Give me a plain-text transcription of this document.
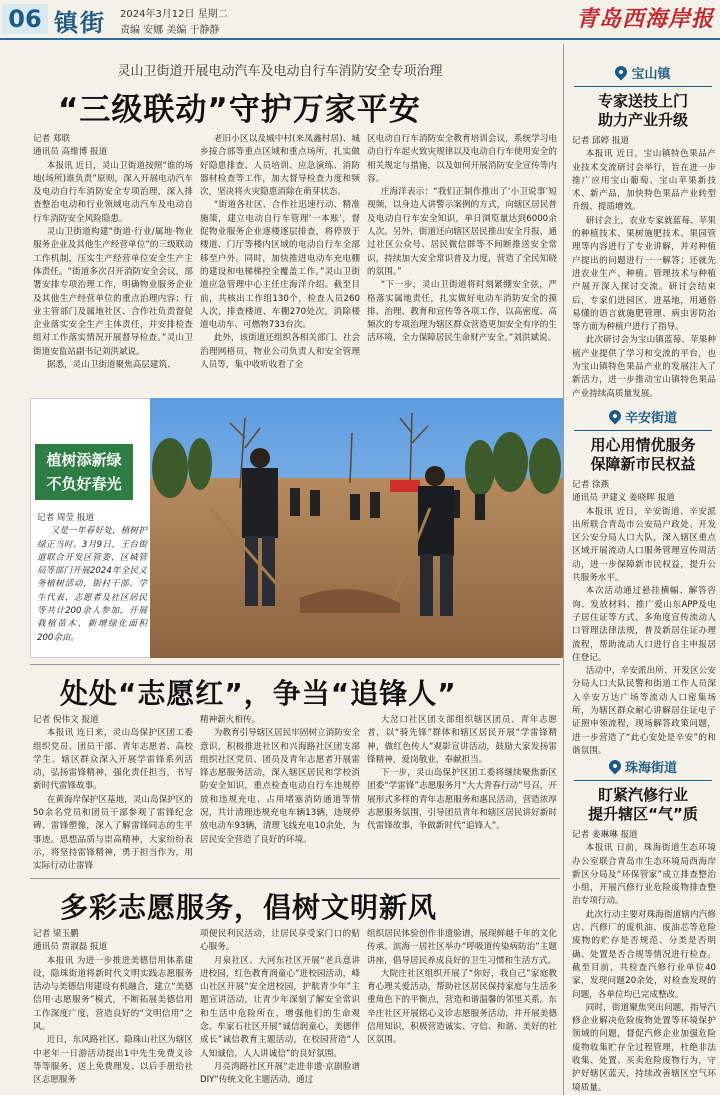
06 镇街 2024年3月12日 星期二
责编 安娜 美编 于静静	青岛西海岸报
灵山卫街道开展电动汽车及电动自行车消防安全专项治理
“三级联动”守护万家平安
记者 郑联
通讯员 高维博 报道

本报讯 近日，灵山卫街道按照“谁的场地(场所)谁负责”原则，深入开展电动汽车及电动自行车消防安全专项治理，深入排查整治电动和行业领域电动汽车及电动自行车消防安全风险隐患。

灵山卫街道构建“街道·行业/属地·物业服务企业及其他生产经营单位”的三级联动工作机制，压实生产经营单位安全生产主体责任。“街道多次召开消防安全会议，部署安排专项治理工作，明确物业服务企业及其他生产经营单位的重点治理内容；行业主管部门及属地社区、合作社负责督促企业落实安全生产主体责任，并安排检查组对工作落实情况开展督导检查。”灵山卫街道安监站副书记刘洪斌说。

据悉，灵山卫街道聚焦高层建筑、

老旧小区以及城中村(来凤鑫村居)、城乡接合部等重点区域和重点场所，扎实做好隐患排查、人员培训、应急演练、消防器材检查等工作，加大督导检查力度和频次，坚决将火灾隐患消除在萌芽状态。

“街道各社区、合作社迅速行动、精准施策，建立电动自行车管理‘一本账’，督促物业服务企业逐楼逐层排查，将停放于楼道、门厅等楼内区域的电动自行车全部移至户外。同时，加快推进电动车充电棚的建设和电梯梯控全覆盖工作。”灵山卫街道应急管理中心主任庄海洋介绍。截至目前，共核出工作组130个，检查人员260人次，排查楼道、车棚270处次，消除楼道电动车、可燃物733台次。

此外，该街道还组织各相关部门、社会治理网格员、物业公司负责人和安全管理人员等，集中收听收看了全

区电动自行车消防安全教育培训会议，系统学习电动自行车起火致灾规律以及电动自行车使用安全的相关规定与措施，以及如何开展消防安全宣传等内容。

庄海洋表示：“我们正制作推出了‘小卫说事’短视频，以身边人讲警示案例的方式，向辖区居民普及电动自行车安全知识，单日浏览量达到6000余人次。另外，街道还向辖区居民推出安全月报，通过社区公众号、居民微信群等不间断推送安全常识，持续加大安全常识普及力度，营造了全民知晓的氛围。”

“下一步，灵山卫街道将时刻紧绷安全弦，严格落实属地责任，扎实做好电动车消防安全的摸排、治理、教育和宣传等各项工作，以高密度、高频次的专项治理为辖区群众营造更加安全有序的生活环境，全力保障居民生命财产安全。”刘洪斌说。

植树添新绿
不负好春光
记者 周莹 报道

又是一年春好处，植树护绿正当时。3月9日，王台街道联合开发区管委、区城管局等部门开展2024年全民义务植树活动，街村干部、学生代表、志愿者及社区居民等共计200余人参加，开展栽植苗木、新增绿化面积200余亩。

处处“志愿红”，争当“追锋人”
记者 倪伟文 报道

本报讯 连日来，灵山岛保护区团工委组织党员、团员干部、青年志愿者、高校学生、辖区群众深入开展学雷锋系列活动，弘扬雷锋精神，强化责任担当，书写新时代雷锋故事。

在黄海岸保护区基地，灵山岛保护区的50余名党员和团员干部参观了雷锋纪念碑、雷锋塑像，深入了解雷锋同志的生平事迹。思想品质与崇高精神，大家纷纷表示，将坚持雷锋精神，勇于担当作为，用实际行动让雷锋

精神薪火相传。

为教育引导辖区居民牢固树立消防安全意识，积极推进社区和兴海路社区团支部组织社区党员、团员及青年志愿者开展雷锋志愿服务活动，深入辖区居民和学校消防安全知识，重点检查电动自行车违规停放和违规充电、占用堵塞消防通道等情况，共计清理违规充电车辆13辆，违规停放电动车93辆，清理飞线充电10余处，为居民安全营造了良好的环境。

大岔口社区团支部组织辖区团员、青年志愿者，以“骑先锋”群体和辖区居民开展“学雷锋精神，做红色传人”观影宣讲活动，鼓励大家发扬雷锋精神，爱岗敬业，奉献担当。

下一步，灵山岛保护区团工委将继续聚焦新区团委“学雷锋”志愿服务月“大大青春行动”号召，开展形式多样的青年志愿服务和惠民活动，营造浓厚志愿服务氛围，引导团员青年和辖区居民讲好新时代雷锋故事，争做新时代“追锋人”。

多彩志愿服务，倡树文明新风
记者 梁玉鹏
通讯员 贾淑磊 报道

本报讯 为进一步推进美德信用体系建设，隐珠街道将新时代文明实践志愿服务活动与美德信用建设有机融合，建立“美德信用·志愿服务”模式，不断拓展美德信用工作深度广度，营造良好的“文明信用”之风。

近日，东风路社区、隐珠山社区为辖区中老年一日游活动提出1中先生免费义诊等等服务，送上免费理发、以后手册给社区志愿服务

项便民利民活动，让居民享受家门口的贴心服务。

月泉社区、大河东社区开展“老兵意讲进校园，红色教育润童心”进校园活动，峰山社区开展“安全进校园，护航青少年”主题宣讲活动，让青少年深刻了解安全常识和生活中危险所在，增强他们的生命观念。牟家石社区开展“诚信润童心，美德伴成长”诚信教育主题活动，在校园营造“人人知诚信，人人讲诚信”的良好氛围。

月亮湾路社区开展“走进非遗·京剧脸谱DIY”传统文化主题活动，通过

组织居民体验创作非遗脸谱，展现鲜越千年的文化传承。滨海一居社区举办“呼吸道传染病防治”主题讲座，倡导居民养成良好的卫生习惯和生活方式。

大院庄社区组织开展了“你好，我自己”家庭教育心理关爱活动，帮助社区居民保持家庭与生活多重角色下的平衡点，营造和谐温馨的邻里关系。东辛庄社区开展铭心义诊志愿服务活动，并开展美德信用知识，积极营造诚实、守信、和谐、美好的社区氛围。

宝山镇
专家送技上门
助力产业升级
记者 邱婷 报道

本报讯 近日，宝山镇特色果品产业技术交流研讨会举行，旨在进一步推广应用宝山葡萄、宝山苹果新技术、新产品，加快特色果品产业转型升级、提质增效。

研讨会上，农业专家就蓝莓、苹果的种植技术、果树施肥技术、果园管理等内容进行了专业讲解，并对种植户提出的问题进行一一解答；还就先进农业生产、种植、管理技术与种植户展开深入探讨交流。研讨会结束后，专家们进园区、进基地，用通俗易懂的语言就施肥管理、病虫害防治等方面为种植户进行了指导。

此次研讨会为宝山镇蓝莓、苹果种植产业提供了学习和交流的平台，也为宝山镇特色果品产业的发展注入了新活力，进一步推动宝山镇特色果品产业持续高质量发展。

辛安街道
用心用情优服务
保障新市民权益
记者 徐燕
通讯员 尹建义 姜晓晖 报道

本报讯 近日，辛安街道、辛安派出所联合青岛市公安局户政处、开发区公安分局人口大队，深入辖区重点区域开展流动人口服务管理宣传周活动，进一步保障新市民权益，提升公共服务水平。

本次活动通过悬挂横幅、解答咨询、发放材料、推广爱山东APP及电子居住证等方式，多角度宣传流动人口管理法律法规，普及新居住证办理流程，帮助流动人口进行自主申报居住登记。

活动中，辛安派出所、开发区公安分局人口大队民警和街道工作人员深入辛安万达广场等流动人口密集场所，为辖区群众耐心讲解居住证电子证照申领流程，现场解答政策问题，进一步营造了“此心安处是辛安”的和谐氛围。

珠海街道
盯紧汽修行业
提升辖区“气”质
记者 姜琳琳 报道

本报讯 日前，珠海街道生态环境办公室联合青岛市生态环境局西海岸新区分局及“环保管家”成立排查整治小组，开展汽修行业危险废物排查整治专项行动。

此次行动主要对珠海街道辖内汽修店、汽修厂的废机油、废油芯等危险废物的贮存是否规范、分类是否明确、处置是否合规等情况进行检查。截至目前，共检查汽修行业单位40家，发现问题20余处，对检查发现的问题，各单位均已完成整改。

同时，街道聚焦突出问题，指导汽修企业解决危险废物处置等环境保护领域的问题，督促汽修企业加强危险废物收集贮存全过程管理，杜绝非法收集、处置、买卖危险废物行为，守护好辖区蓝天，持续改善辖区空气环境质量。
